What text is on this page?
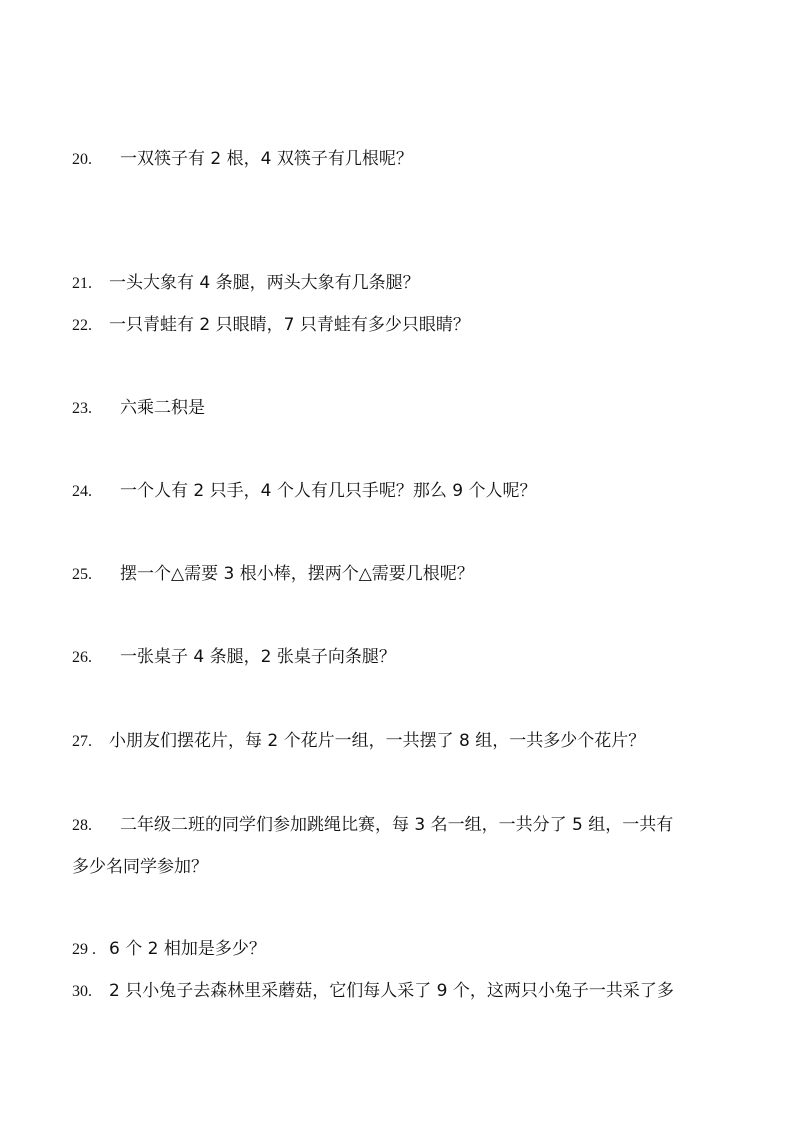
20. 一双筷子有 2 根，4 双筷子有几根呢？
21. 一头大象有 4 条腿，两头大象有几条腿？
22. 一只青蛙有 2 只眼睛，7 只青蛙有多少只眼睛？
23. 六乘二积是
24. 一个人有 2 只手，4 个人有几只手呢？那么 9 个人呢？
25. 摆一个△需要 3 根小棒，摆两个△需要几根呢？
26. 一张桌子 4 条腿，2 张桌子向条腿？
27. 小朋友们摆花片，每 2 个花片一组，一共摆了 8 组，一共多少个花片？
28. 二年级二班的同学们参加跳绳比赛，每 3 名一组，一共分了 5 组，一共有
多少名同学参加？
29 . 6 个 2 相加是多少？
30. 2 只小兔子去森林里采蘑菇，它们每人采了 9 个，这两只小兔子一共采了多
